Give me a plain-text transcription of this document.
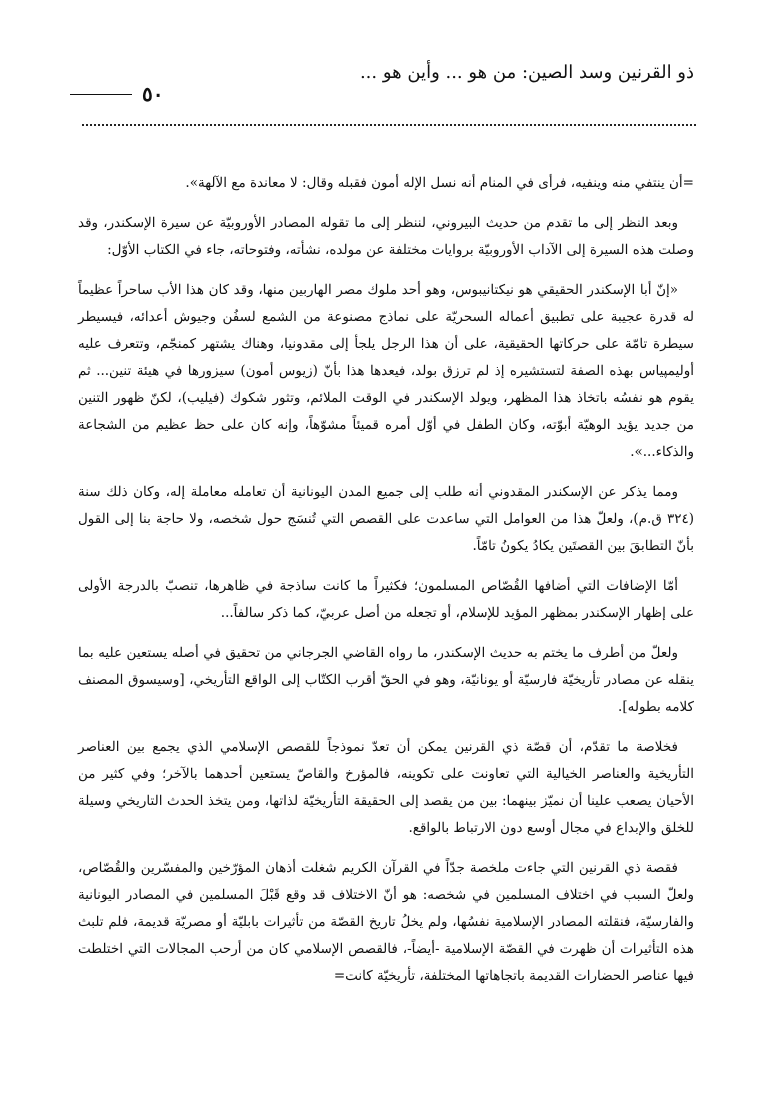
ذو القرنين وسد الصين: من هو ... وأين هو ...
٥٠

=أن ينتفي منه وينفيه، فرأى في المنام أنه نسل الإله أمون فقبله وقال: لا معاندة مع الآلهة».

وبعد النظر إلى ما تقدم من حديث البيروني، لننظر إلى ما تقوله المصادر الأوروبيّة عن سيرة الإسكندر، وقد وصلت هذه السيرة إلى الآداب الأوروبيّة بروايات مختلفة عن مولده، نشأته، وفتوحاته، جاء في الكتاب الأوّل:

«إنّ أبا الإسكندر الحقيقي هو نيكتانيبوس، وهو أحد ملوك مصر الهاربين منها، وقد كان هذا الأب ساحراً عظيماً له قدرة عجيبة على تطبيق أعماله السحريّة على نماذج مصنوعة من الشمع لسفُن وجيوش أعدائه، فيسيطر سيطرة تامّة على حركاتها الحقيقية، على أن هذا الرجل يلجأ إلى مقدونيا، وهناك يشتهر كمنجّم، وتتعرف عليه أوليمپياس بهذه الصفة لتستشيره إذ لم ترزق بولد، فيعدها هذا بأنّ (زيوس أمون) سيزورها في هيئة تنين... ثم يقوم هو نفسُه باتخاذ هذا المظهر، ويولد الإسكندر في الوقت الملائم، وتثور شكوك (فيليب)، لكنّ ظهور التنين من جديد يؤيد الوهيّة أبوّته، وكان الطفل في أوّل أمره قميئاً مشوّهاً، وإنه كان على حظ عظيم من الشجاعة والذكاء...».

ومما يذكر عن الإسكندر المقدوني أنه طلب إلى جميع المدن اليونانية أن تعامله معاملة إله، وكان ذلك سنة (٣٢٤ ق.م)، ولعلّ هذا من العوامل التي ساعدت على القصص التي تُنسَج حول شخصه، ولا حاجة بنا إلى القول بأنّ التطابقَ بين القصتَين يكادُ يكونُ تامّاً.

أمّا الإضافات التي أضافها القُصّاص المسلمون؛ فكثيراً ما كانت ساذجة في ظاهرها، تنصبّ بالدرجة الأولى على إظهار الإسكندر بمظهر المؤيد للإسلام، أو تجعله من أصل عربيّ، كما ذكر سالفاً...

ولعلّ من أطرف ما يختم به حديث الإسكندر، ما رواه القاضي الجرجاني من تحقيق في أصله يستعين عليه بما ينقله عن مصادر تأريخيّة فارسيّة أو يونانيّة، وهو في الحقّ أقرب الكتّاب إلى الواقع التأريخي، [وسيسوق المصنف كلامه بطوله].

فخلاصة ما تقدّم، أن قصّة ذي القرنين يمكن أن تعدّ نموذجاً للقصص الإسلامي الذي يجمع بين العناصر التأريخية والعناصر الخيالية التي تعاونت على تكوينه، فالمؤرخ والقاصّ يستعين أحدهما بالآخر؛ وفي كثير من الأحيان يصعب علينا أن نميّز بينهما: بين من يقصد إلى الحقيقة التأريخيّة لذاتها، ومن يتخذ الحدث التاريخي وسيلة للخلق والإبداع في مجال أوسع دون الارتباط بالواقع.

فقصة ذي القرنين التي جاءت ملخصة جدّاً في القرآن الكريم شغلت أذهان المؤرّخين والمفسّرين والقُصّاص، ولعلّ السبب في اختلاف المسلمين في شخصه: هو أنّ الاختلاف قد وقع قَبْلَ المسلمين في المصادر اليونانية والفارسيّة، فنقلته المصادر الإسلامية نفسُها، ولم يخلُ تاريخ القصّة من تأثيرات بابليّة أو مصريّة قديمة، فلم تلبث هذه التأثيرات أن ظهرت في القصّة الإسلامية -أيضاً-، فالقصص الإسلامي كان من أرحب المجالات التي اختلطت فيها عناصر الحضارات القديمة باتجاهاتها المختلفة، تأريخيّة كانت=
